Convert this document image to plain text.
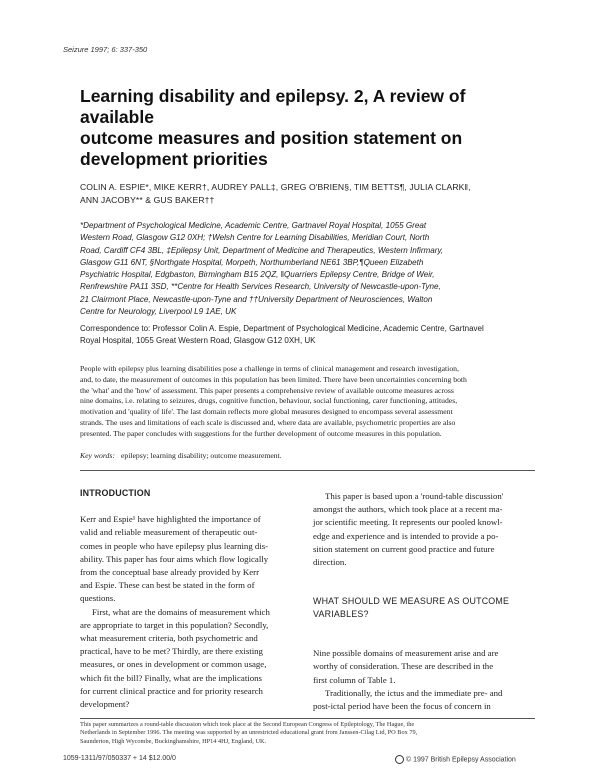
Seizure 1997; 6: 337-350
Learning disability and epilepsy. 2, A review of available
outcome measures and position statement on
development priorities
COLIN A. ESPIE*, MIKE KERR†, AUDREY PALL‡, GREG O'BRIEN§, TIM BETTS¶, JULIA CLARK‖,
ANN JACOBY** & GUS BAKER††
*Department of Psychological Medicine, Academic Centre, Gartnavel Royal Hospital, 1055 Great
Western Road, Glasgow G12 0XH; †Welsh Centre for Learning Disabilities, Meridian Court, North
Road, Cardiff CF4 3BL, ‡Epilepsy Unit, Department of Medicine and Therapeutics, Western Infirmary,
Glasgow G11 6NT, §Northgate Hospital, Morpeth, Northumberland NE61 3BP,¶Queen Elizabeth
Psychiatric Hospital, Edgbaston, Birmingham B15 2QZ, ‖Quarriers Epilepsy Centre, Bridge of Weir,
Renfrewshire PA11 3SD, **Centre for Health Services Research, University of Newcastle-upon-Tyne,
21 Clairmont Place, Newcastle-upon-Tyne and ††University Department of Neurosciences, Walton
Centre for Neurology, Liverpool L9 1AE, UK
Correspondence to: Professor Colin A. Espie, Department of Psychological Medicine, Academic Centre, Gartnavel
Royal Hospital, 1055 Great Western Road, Glasgow G12 0XH, UK
People with epilepsy plus learning disabilities pose a challenge in terms of clinical management and research investigation,
and, to date, the measurement of outcomes in this population has been limited. There have been uncertainties concerning both
the 'what' and the 'how' of assessment. This paper presents a comprehensive review of available outcome measures across
nine domains, i.e. relating to seizures, drugs, cognitive function, behaviour, social functioning, carer functioning, attitudes,
motivation and 'quality of life'. The last domain reflects more global measures designed to encompass several assessment
strands. The uses and limitations of each scale is discussed and, where data are available, psychometric properties are also
presented. The paper concludes with suggestions for the further development of outcome measures in this population.
Key words: epilepsy; learning disability; outcome measurement.
INTRODUCTION
Kerr and Espie¹ have highlighted the importance of
valid and reliable measurement of therapeutic out-
comes in people who have epilepsy plus learning dis-
ability. This paper has four aims which flow logically
from the conceptual base already provided by Kerr
and Espie. These can best be stated in the form of
questions.
First, what are the domains of measurement which
are appropriate to target in this population? Secondly,
what measurement criteria, both psychometric and
practical, have to be met? Thirdly, are there existing
measures, or ones in development or common usage,
which fit the bill? Finally, what are the implications
for current clinical practice and for priority research
development?
This paper is based upon a 'round-table discussion'
amongst the authors, which took place at a recent ma-
jor scientific meeting. It represents our pooled knowl-
edge and experience and is intended to provide a po-
sition statement on current good practice and future
direction.
WHAT SHOULD WE MEASURE AS OUTCOME
VARIABLES?
Nine possible domains of measurement arise and are
worthy of consideration. These are described in the
first column of Table 1.
Traditionally, the ictus and the immediate pre- and
post-ictal period have been the focus of concern in
This paper summarizes a round-table discussion which took place at the Second European Congress of Epileptology, The Hague, the
Netherlands in September 1996. The meeting was supported by an unrestricted educational grant from Janssen-Cilag Ltd, PO Box 79,
Saunderton, High Wycombe, Buckinghamshire, HP14 4HJ, England, UK.
1059-1311/97/050337 + 14 $12.00/0	© 1997 British Epilepsy Association
